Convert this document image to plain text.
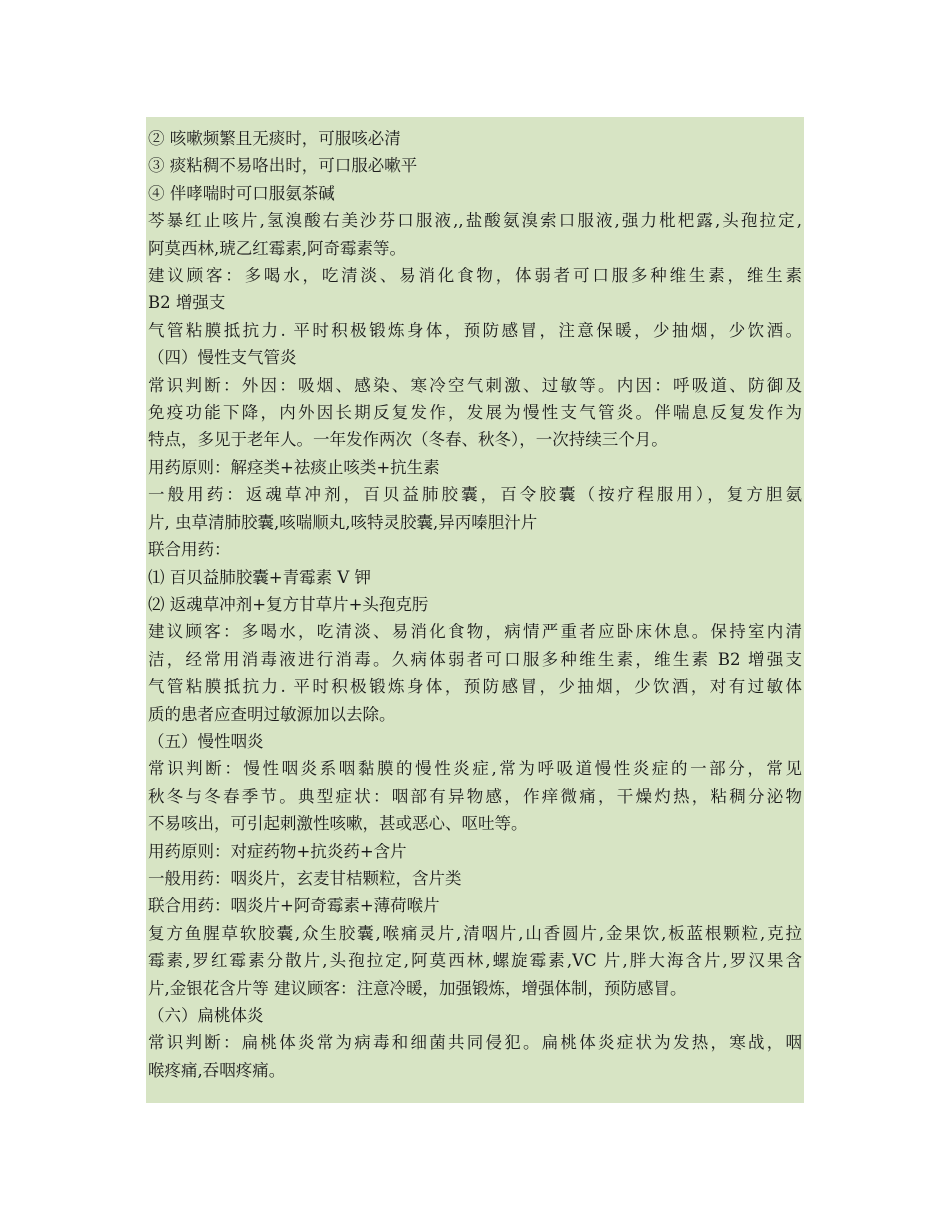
② 咳嗽频繁且无痰时，可服咳必清

③ 痰粘稠不易咯出时，可口服必嗽平

④ 伴哮喘时可口服氨茶碱

芩暴红止咳片,氢溴酸右美沙芬口服液,,盐酸氨溴索口服液,强力枇杷露,头孢拉定,

阿莫西林,琥乙红霉素,阿奇霉素等。

建议顾客：多喝水，吃清淡、易消化食物，体弱者可口服多种维生素，维生素

B2 增强支

气管粘膜抵抗力. 平时积极锻炼身体，预防感冒，注意保暖，少抽烟，少饮酒。

（四）慢性支气管炎

常识判断：外因：吸烟、感染、寒冷空气刺激、过敏等。内因：呼吸道、防御及

免疫功能下降，内外因长期反复发作，发展为慢性支气管炎。伴喘息反复发作为

特点，多见于老年人。一年发作两次（冬春、秋冬），一次持续三个月。

用药原则：解痉类+祛痰止咳类+抗生素

一般用药：返魂草冲剂，百贝益肺胶囊，百令胶囊（按疗程服用），复方胆氨

片, 虫草清肺胶囊,咳喘顺丸,咳特灵胶囊,异丙嗪胆汁片

联合用药：

⑴ 百贝益肺胶囊+青霉素 V 钾

⑵ 返魂草冲剂+复方甘草片+头孢克肟

建议顾客：多喝水，吃清淡、易消化食物，病情严重者应卧床休息。保持室内清

洁，经常用消毒液进行消毒。久病体弱者可口服多种维生素，维生素 B2 增强支

气管粘膜抵抗力. 平时积极锻炼身体，预防感冒，少抽烟，少饮酒，对有过敏体

质的患者应查明过敏源加以去除。

（五）慢性咽炎

常识判断：慢性咽炎系咽黏膜的慢性炎症,常为呼吸道慢性炎症的一部分，常见

秋冬与冬春季节。典型症状：咽部有异物感，作痒微痛，干燥灼热，粘稠分泌物

不易咳出，可引起刺激性咳嗽，甚或恶心、呕吐等。

用药原则：对症药物+抗炎药+含片

一般用药：咽炎片，玄麦甘桔颗粒，含片类

联合用药：咽炎片+阿奇霉素+薄荷喉片

复方鱼腥草软胶囊,众生胶囊,喉痛灵片,清咽片,山香圆片,金果饮,板蓝根颗粒,克拉

霉素,罗红霉素分散片,头孢拉定,阿莫西林,螺旋霉素,VC 片,胖大海含片,罗汉果含

片,金银花含片等 建议顾客：注意冷暖，加强锻炼，增强体制，预防感冒。

（六）扁桃体炎

常识判断：扁桃体炎常为病毒和细菌共同侵犯。扁桃体炎症状为发热，寒战，咽

喉疼痛,吞咽疼痛。
